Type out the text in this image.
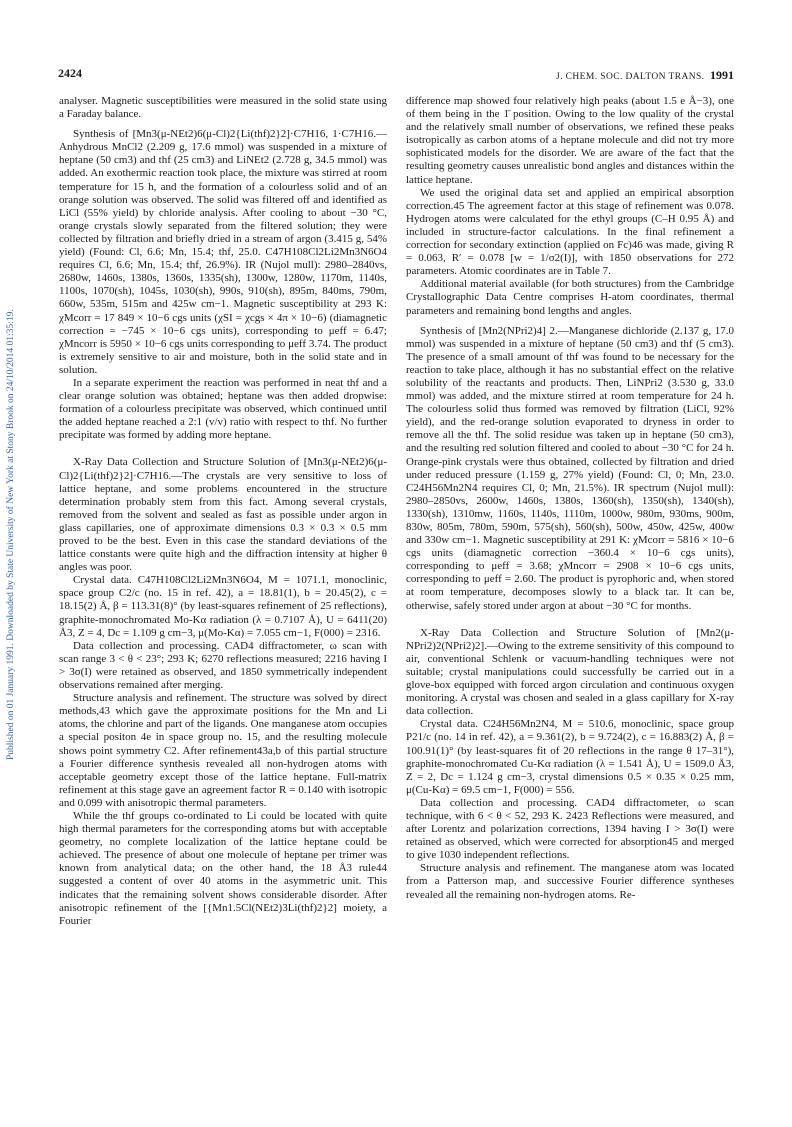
2424	J. CHEM. SOC. DALTON TRANS. 1991
Published on 01 January 1991. Downloaded by State University of New York at Stony Brook on 24/10/2014 01:35:19.

analyser. Magnetic susceptibilities were measured in the solid state using a Faraday balance.

Synthesis of [Mn3(μ-NEt2)6(μ-Cl)2{Li(thf)2}2]·C7H16, 1·C7H16.—Anhydrous MnCl2 (2.209 g, 17.6 mmol) was suspended in a mixture of heptane (50 cm3) and thf (25 cm3) and LiNEt2 (2.728 g, 34.5 mmol) was added. An exothermic reaction took place, the mixture was stirred at room temperature for 15 h, and the formation of a colourless solid and of an orange solution was observed. The solid was filtered off and identified as LiCl (55% yield) by chloride analysis. After cooling to about −30 °C, orange crystals slowly separated from the filtered solution; they were collected by filtration and briefly dried in a stream of argon (3.415 g, 54% yield) (Found: Cl, 6.6; Mn, 15.4; thf, 25.0. C47H108Cl2Li2Mn3N6O4 requires Cl, 6.6; Mn, 15.4; thf, 26.9%). IR (Nujol mull): 2980–2840vs, 2680w, 1460s, 1380s, 1360s, 1335(sh), 1300w, 1280w, 1170m, 1140s, 1100s, 1070(sh), 1045s, 1030(sh), 990s, 910(sh), 895m, 840ms, 790m, 660w, 535m, 515m and 425w cm−1. Magnetic susceptibility at 293 K: χMcorr = 17 849 × 10−6 cgs units (χSI = χcgs × 4π × 10−6) (diamagnetic correction = −745 × 10−6 cgs units), corresponding to μeff = 6.47; χMncorr is 5950 × 10−6 cgs units corresponding to μeff 3.74. The product is extremely sensitive to air and moisture, both in the solid state and in solution.

In a separate experiment the reaction was performed in neat thf and a clear orange solution was obtained; heptane was then added dropwise: formation of a colourless precipitate was observed, which continued until the added heptane reached a 2:1 (v/v) ratio with respect to thf. No further precipitate was formed by adding more heptane.

X-Ray Data Collection and Structure Solution of [Mn3(μ-NEt2)6(μ-Cl)2{Li(thf)2}2]·C7H16.—The crystals are very sensitive to loss of lattice heptane, and some problems encountered in the structure determination probably stem from this fact. Among several crystals, removed from the solvent and sealed as fast as possible under argon in glass capillaries, one of approximate dimensions 0.3 × 0.3 × 0.5 mm proved to be the best. Even in this case the standard deviations of the lattice constants were quite high and the diffraction intensity at higher θ angles was poor.

Crystal data. C47H108Cl2Li2Mn3N6O4, M = 1071.1, monoclinic, space group C2/c (no. 15 in ref. 42), a = 18.81(1), b = 20.45(2), c = 18.15(2) Å, β = 113.31(8)° (by least-squares refinement of 25 reflections), graphite-monochromated Mo-Kα radiation (λ = 0.7107 Å), U = 6411(20) Å3, Z = 4, Dc = 1.109 g cm−3, μ(Mo-Kα) = 7.055 cm−1, F(000) = 2316.

Data collection and processing. CAD4 diffractometer, ω scan with scan range 3 < θ < 23°; 293 K; 6270 reflections measured; 2216 having I > 3σ(I) were retained as observed, and 1850 symmetrically independent observations remained after merging.

Structure analysis and refinement. The structure was solved by direct methods,43 which gave the approximate positions for the Mn and Li atoms, the chlorine and part of the ligands. One manganese atom occupies a special positon 4e in space group no. 15, and the resulting molecule shows point symmetry C2. After refinement43a,b of this partial structure a Fourier difference synthesis revealed all non-hydrogen atoms with acceptable geometry except those of the lattice heptane. Full-matrix refinement at this stage gave an agreement factor R = 0.140 with isotropic and 0.099 with anisotropic thermal parameters.

While the thf groups co-ordinated to Li could be located with quite high thermal parameters for the corresponding atoms but with acceptable geometry, no complete localization of the lattice heptane could be achieved. The presence of about one molecule of heptane per trimer was known from analytical data; on the other hand, the 18 Å3 rule44 suggested a content of over 40 atoms in the asymmetric unit. This indicates that the remaining solvent shows considerable disorder. After anisotropic refinement of the [{Mn1.5Cl(NEt2)3Li(thf)2}2] moiety, a Fourier

difference map showed four relatively high peaks (about 1.5 e Å−3), one of them being in the 1̄ position. Owing to the low quality of the crystal and the relatively small number of observations, we refined these peaks isotropically as carbon atoms of a heptane molecule and did not try more sophisticated models for the disorder. We are aware of the fact that the resulting geometry causes unrealistic bond angles and distances within the lattice heptane.

We used the original data set and applied an empirical absorption correction.45 The agreement factor at this stage of refinement was 0.078. Hydrogen atoms were calculated for the ethyl groups (C–H 0.95 Å) and included in structure-factor calculations. In the final refinement a correction for secondary extinction (applied on Fc)46 was made, giving R = 0.063, R′ = 0.078 [w = 1/σ2(I)], with 1850 observations for 272 parameters. Atomic coordinates are in Table 7.

Additional material available (for both structures) from the Cambridge Crystallographic Data Centre comprises H-atom coordinates, thermal parameters and remaining bond lengths and angles.

Synthesis of [Mn2(NPri2)4] 2.—Manganese dichloride (2.137 g, 17.0 mmol) was suspended in a mixture of heptane (50 cm3) and thf (5 cm3). The presence of a small amount of thf was found to be necessary for the reaction to take place, although it has no substantial effect on the relative solubility of the reactants and products. Then, LiNPri2 (3.530 g, 33.0 mmol) was added, and the mixture stirred at room temperature for 24 h. The colourless solid thus formed was removed by filtration (LiCl, 92% yield), and the red-orange solution evaporated to dryness in order to remove all the thf. The solid residue was taken up in heptane (50 cm3), and the resulting red solution filtered and cooled to about −30 °C for 24 h. Orange-pink crystals were thus obtained, collected by filtration and dried under reduced pressure (1.159 g, 27% yield) (Found: Cl, 0; Mn, 23.0. C24H56Mn2N4 requires Cl, 0; Mn, 21.5%). IR spectrum (Nujol mull): 2980–2850vs, 2600w, 1460s, 1380s, 1360(sh), 1350(sh), 1340(sh), 1330(sh), 1310mw, 1160s, 1140s, 1110m, 1000w, 980m, 930ms, 900m, 830w, 805m, 780m, 590m, 575(sh), 560(sh), 500w, 450w, 425w, 400w and 330w cm−1. Magnetic susceptibility at 291 K: χMcorr = 5816 × 10−6 cgs units (diamagnetic correction −360.4 × 10−6 cgs units), corresponding to μeff = 3.68; χMncorr = 2908 × 10−6 cgs units, corresponding to μeff = 2.60. The product is pyrophoric and, when stored at room temperature, decomposes slowly to a black tar. It can be, otherwise, safely stored under argon at about −30 °C for months.

X-Ray Data Collection and Structure Solution of [Mn2(μ-NPri2)2(NPri2)2].—Owing to the extreme sensitivity of this compound to air, conventional Schlenk or vacuum-handling techniques were not suitable; crystal manipulations could successfully be carried out in a glove-box equipped with forced argon circulation and continuous oxygen monitoring. A crystal was chosen and sealed in a glass capillary for X-ray data collection.

Crystal data. C24H56Mn2N4, M = 510.6, monoclinic, space group P21/c (no. 14 in ref. 42), a = 9.361(2), b = 9.724(2), c = 16.883(2) Å, β = 100.91(1)° (by least-squares fit of 20 reflections in the range θ 17–31°), graphite-monochromated Cu-Kα radiation (λ = 1.541 Å), U = 1509.0 Å3, Z = 2, Dc = 1.124 g cm−3, crystal dimensions 0.5 × 0.35 × 0.25 mm, μ(Cu-Kα) = 69.5 cm−1, F(000) = 556.

Data collection and processing. CAD4 diffractometer, ω scan technique, with 6 < θ < 52, 293 K. 2423 Reflections were measured, and after Lorentz and polarization corrections, 1394 having I > 3σ(I) were retained as observed, which were corrected for absorption45 and merged to give 1030 independent reflections.

Structure analysis and refinement. The manganese atom was located from a Patterson map, and successive Fourier difference syntheses revealed all the remaining non-hydrogen atoms. Re-
